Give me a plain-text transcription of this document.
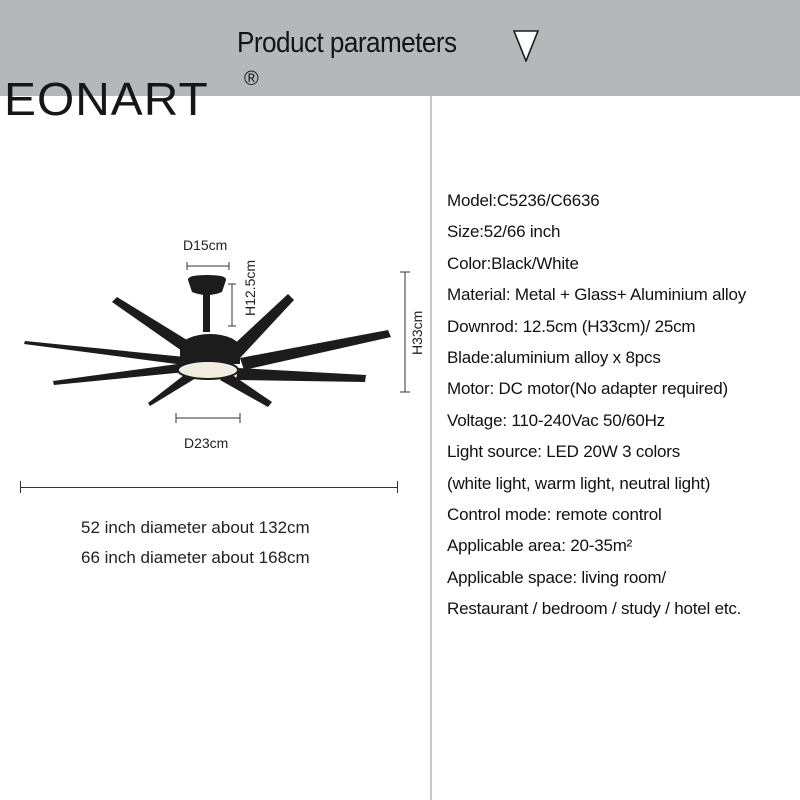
Product parameters
EONART ®
D15cm
H12.5cm
H33cm
D23cm
52 inch diameter about 132cm
66 inch diameter about 168cm
Model:C5236/C6636
Size:52/66 inch
Color:Black/White
Material: Metal + Glass+ Aluminium alloy
Downrod: 12.5cm (H33cm)/ 25cm
Blade:aluminium alloy x 8pcs
Motor: DC motor(No adapter required)
Voltage: 110-240Vac 50/60Hz
Light source: LED 20W 3 colors
(white light, warm light, neutral light)
Control mode: remote control
Applicable area: 20-35m²
Applicable space: living room/
Restaurant / bedroom / study / hotel etc.
